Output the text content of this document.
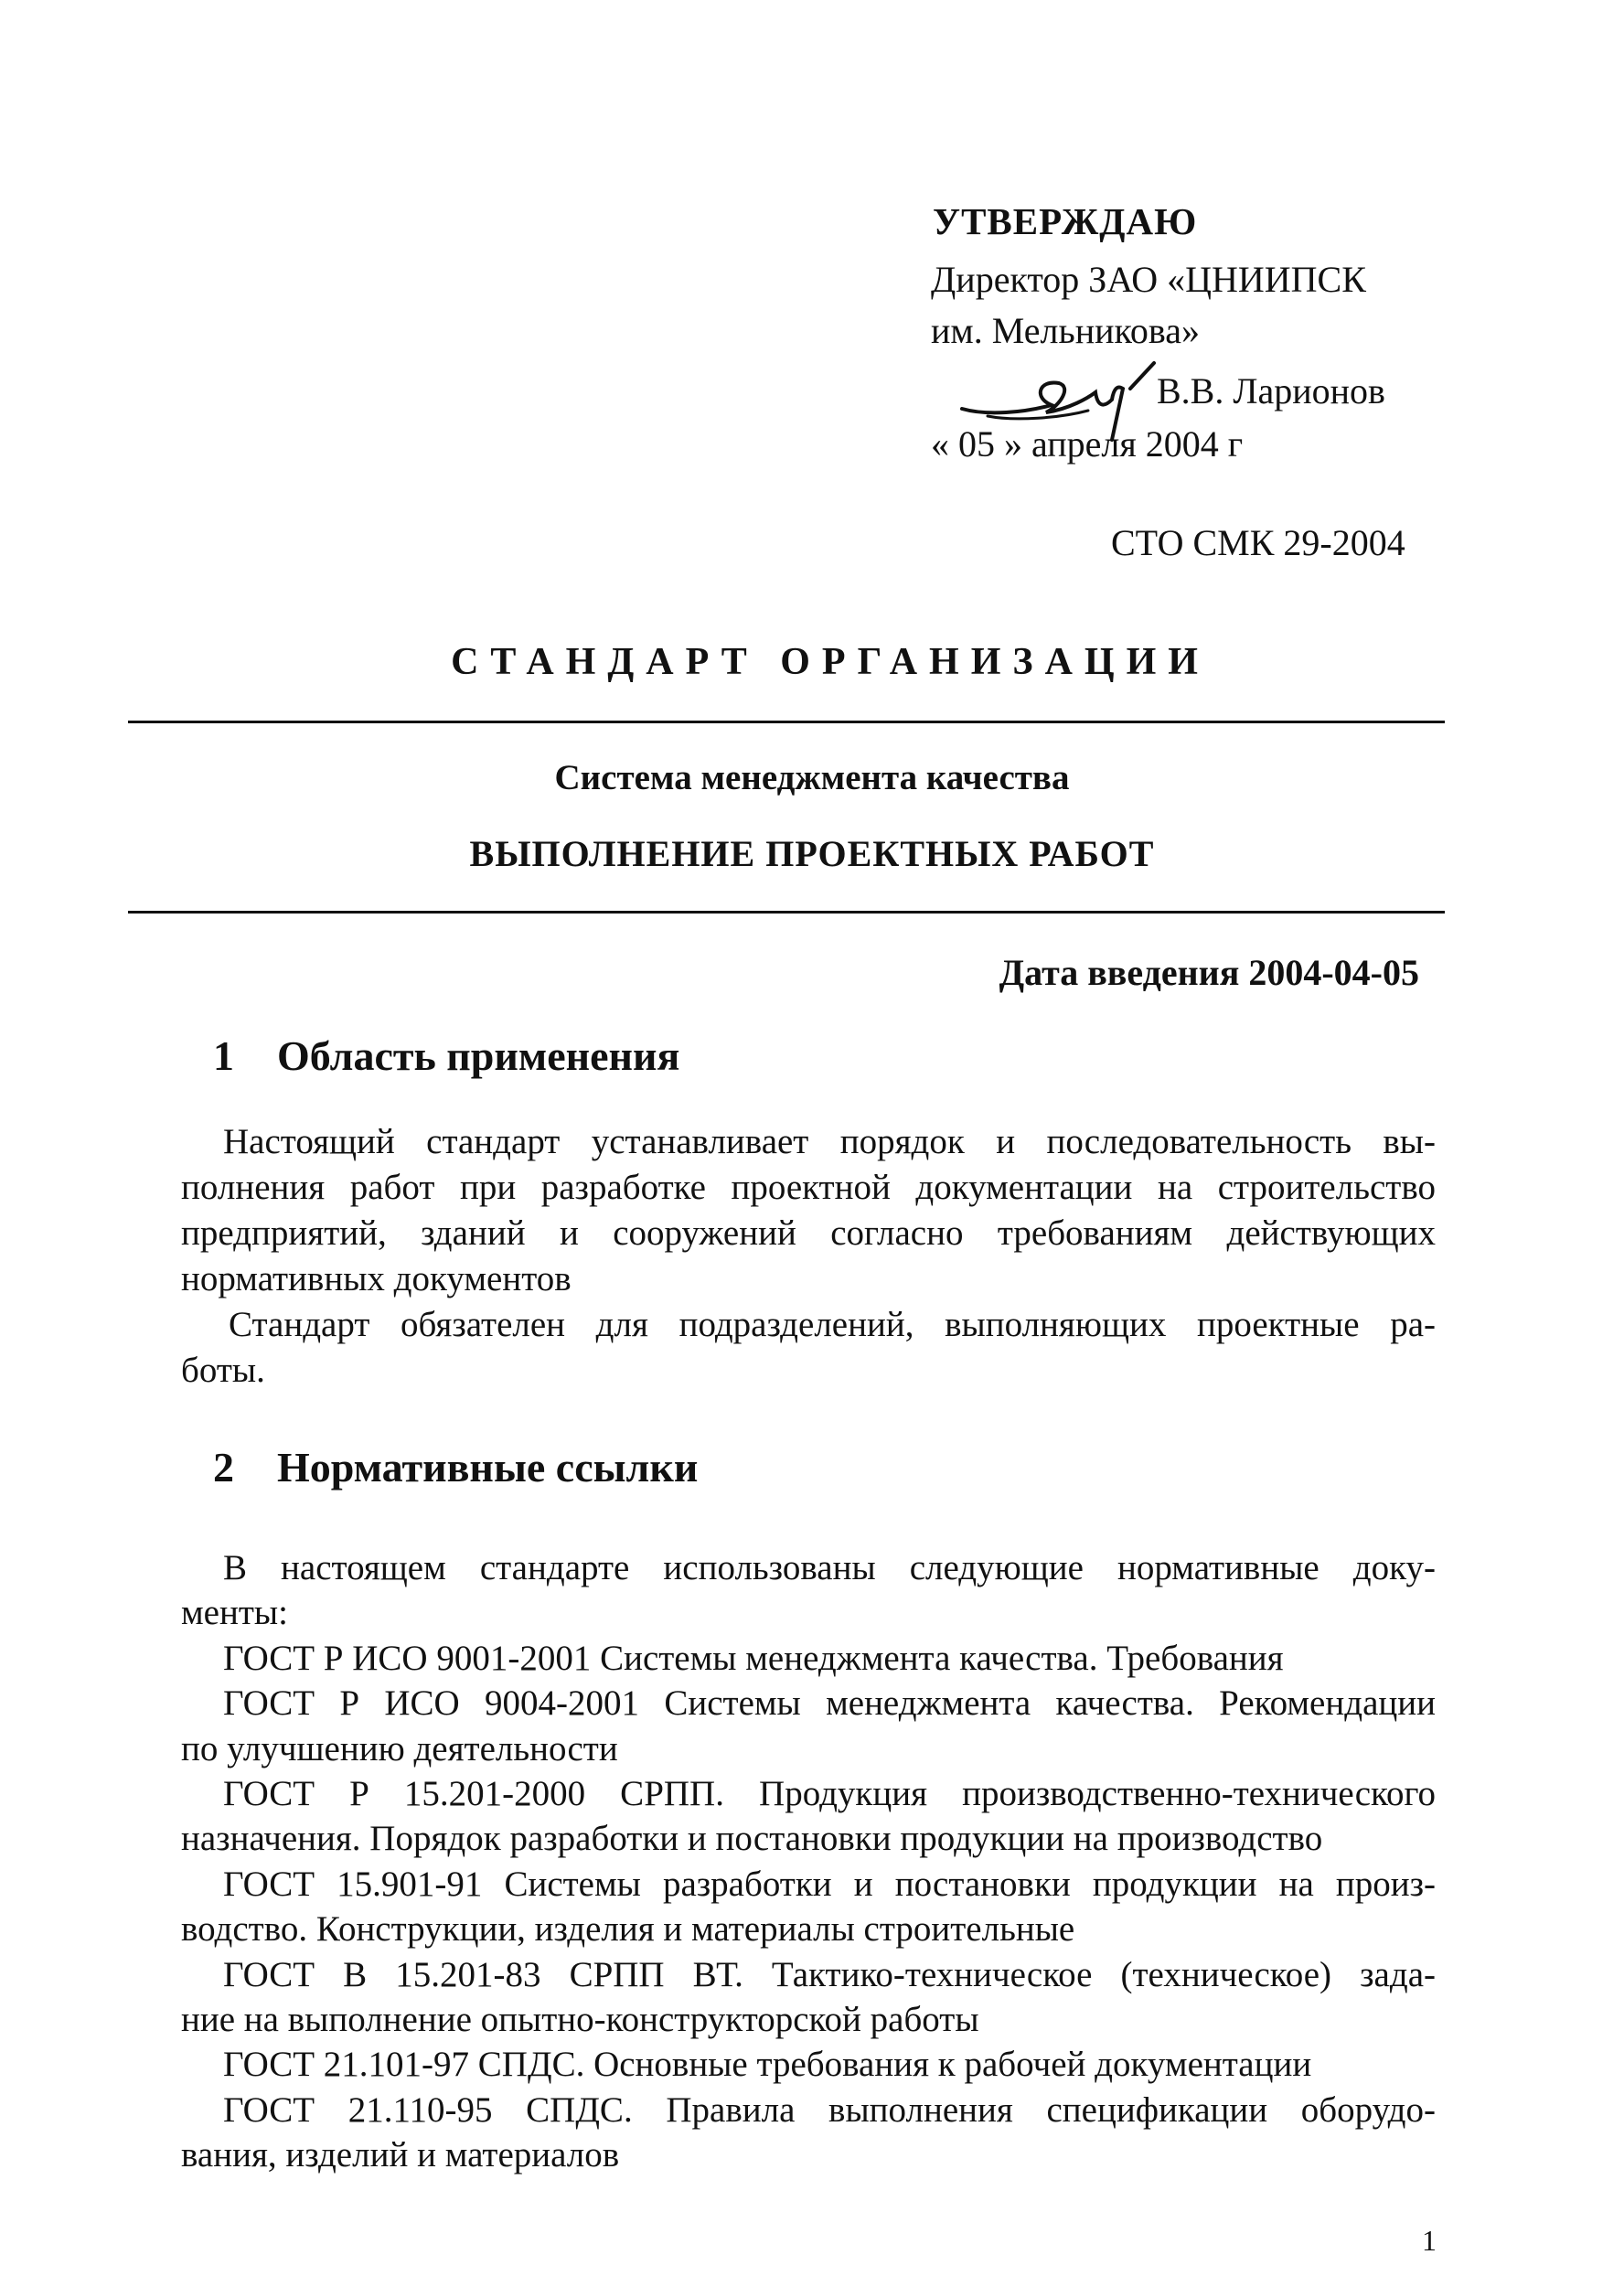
УТВЕРЖДАЮ
Директор ЗАО «ЦНИИПСК
им. Мельникова»
В.В. Ларионов
« 05 » апреля 2004 г
СТО СМК 29-2004
СТАНДАРТ ОРГАНИЗАЦИИ
Система менеджмента качества
ВЫПОЛНЕНИЕ ПРОЕКТНЫХ РАБОТ
Дата введения 2004-04-05
1 Область применения
Настоящий стандарт устанавливает порядок и последовательность вы-
полнения работ при разработке проектной документации на строительство
предприятий, зданий и сооружений согласно требованиям действующих
нормативных документов
Стандарт обязателен для подразделений, выполняющих проектные ра-
боты.
2 Нормативные ссылки
В настоящем стандарте использованы следующие нормативные доку-
менты:
ГОСТ Р ИСО 9001-2001 Системы менеджмента качества. Требования
ГОСТ Р ИСО 9004-2001 Системы менеджмента качества. Рекомендации
по улучшению деятельности
ГОСТ Р 15.201-2000 СРПП. Продукция производственно-технического
назначения. Порядок разработки и постановки продукции на производство
ГОСТ 15.901-91 Системы разработки и постановки продукции на произ-
водство. Конструкции, изделия и материалы строительные
ГОСТ В 15.201-83 СРПП ВТ. Тактико-техническое (техническое) зада-
ние на выполнение опытно-конструкторской работы
ГОСТ 21.101-97 СПДС. Основные требования к рабочей документации
ГОСТ 21.110-95 СПДС. Правила выполнения спецификации оборудо-
вания, изделий и материалов
1
